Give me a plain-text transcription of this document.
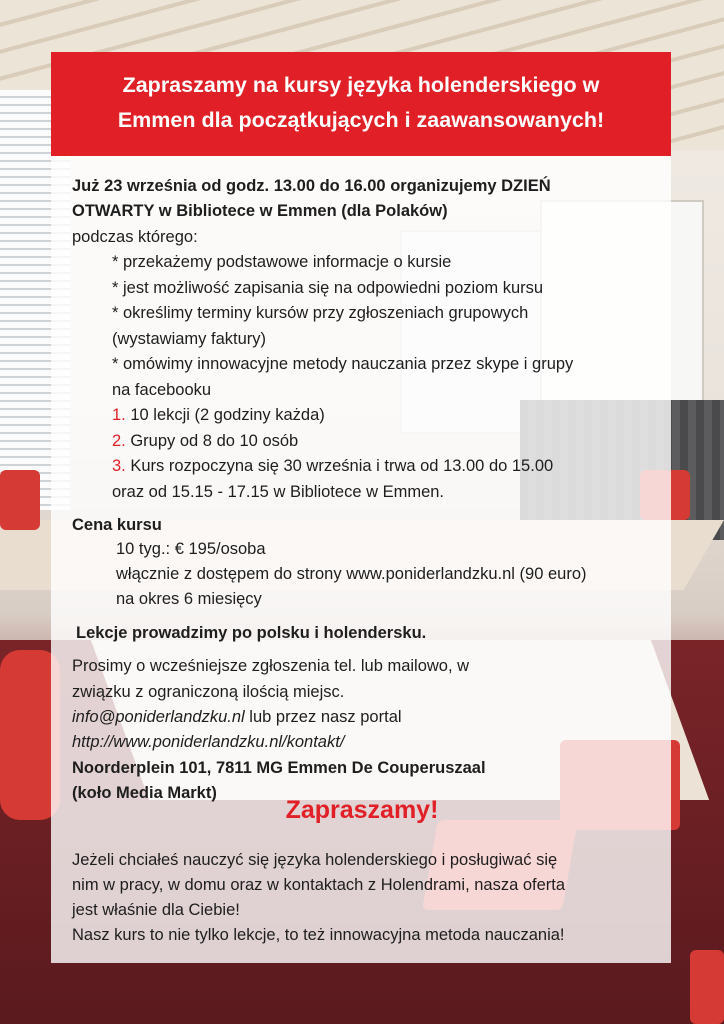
Zapraszamy na kursy języka holenderskiego w
Emmen dla początkujących i zaawansowanych!

Już 23 września od godz. 13.00 do 16.00 organizujemy DZIEŃ
OTWARTY w Bibliotece w Emmen (dla Polaków)
podczas którego:
* przekażemy podstawowe informacje o kursie
* jest możliwość zapisania się na odpowiedni poziom kursu
* określimy terminy kursów przy zgłoszeniach grupowych
(wystawiamy faktury)
* omówimy innowacyjne metody nauczania przez skype i grupy
na facebooku
1. 10 lekcji (2 godziny każda)
2. Grupy od 8 do 10 osób
3. Kurs rozpoczyna się 30 września i trwa od 13.00 do 15.00
oraz od 15.15 - 17.15 w Bibliotece w Emmen.
Cena kursu
10 tyg.: € 195/osoba
włącznie z dostępem do strony www.poniderlandzku.nl (90 euro)
na okres 6 miesięcy
Lekcje prowadzimy po polsku i holendersku.
Prosimy o wcześniejsze zgłoszenia tel. lub mailowo, w
związku z ograniczoną ilością miejsc.
info@poniderlandzku.nl lub przez nasz portal
http://www.poniderlandzku.nl/kontakt/
Noorderplein 101, 7811 MG Emmen De Couperuszaal
(koło Media Markt)
Zapraszamy!
Jeżeli chciałeś nauczyć się języka holenderskiego i posługiwać się
nim w pracy, w domu oraz w kontaktach z Holendrami, nasza oferta
jest właśnie dla Ciebie!
Nasz kurs to nie tylko lekcje, to też innowacyjna metoda nauczania!
